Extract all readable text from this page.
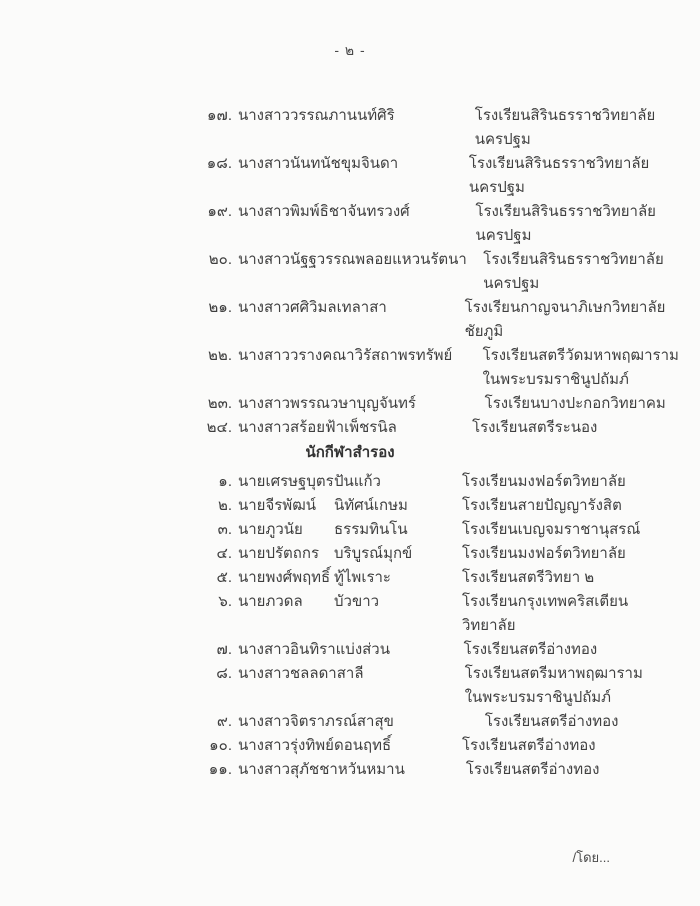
- ๒ -
๑๗. นางสาววรรณภา นนท์ศิริ	โรงเรียนสิรินธรราชวิทยาลัย
นครปฐม
๑๘. นางสาวนันทนัช ขุมจินดา	โรงเรียนสิรินธรราชวิทยาลัย
นครปฐม
๑๙. นางสาวพิมพ์ธิชา จันทรวงศ์	โรงเรียนสิรินธรราชวิทยาลัย
นครปฐม
๒๐. นางสาวนัฐฐวรรณ พลอยแหวนรัตนา	โรงเรียนสิรินธรราชวิทยาลัย
นครปฐม
๒๑. นางสาวศศิวิมล เทลาสา	โรงเรียนกาญจนาภิเษกวิทยาลัย
ชัยภูมิ
๒๒. นางสาววรางคณา วิรัสถาพรทรัพย์	โรงเรียนสตรีวัดมหาพฤฒาราม
ในพระบรมราชินูปถัมภ์
๒๓. นางสาวพรรณวษา บุญจันทร์	โรงเรียนบางปะกอกวิทยาคม
๒๔. นางสาวสร้อยฟ้า เพ็ชรนิล	โรงเรียนสตรีระนอง
นักกีฬาสำรอง
๑. นายเศรษฐบุตร ปันแก้ว	โรงเรียนมงฟอร์ตวิทยาลัย
๒. นายจีรพัฒน์	นิทัศน์เกษม	โรงเรียนสายปัญญารังสิต
๓. นายภูวนัย	ธรรมทินโน	โรงเรียนเบญจมราชานุสรณ์
๔. นายปรัตถกร บริบูรณ์มุกข์	โรงเรียนมงฟอร์ตวิทยาลัย
๕. นายพงศ์พฤทธิ์ ทู้ไพเราะ	โรงเรียนสตรีวิทยา ๒
๖. นายภวดล	บัวขาว	โรงเรียนกรุงเทพคริสเตียน
วิทยาลัย
๗. นางสาวอินทิรา แบ่งส่วน	โรงเรียนสตรีอ่างทอง
๘. นางสาวชลลดา สาลี	โรงเรียนสตรีมหาพฤฒาราม
ในพระบรมราชินูปถัมภ์
๙. นางสาวจิตราภรณ์ สาสุข	โรงเรียนสตรีอ่างทอง
๑๐. นางสาวรุ่งทิพย์ ดอนฤทธิ์	โรงเรียนสตรีอ่างทอง
๑๑. นางสาวสุภัชชา หวันหมาน	โรงเรียนสตรีอ่างทอง
/โดย...
